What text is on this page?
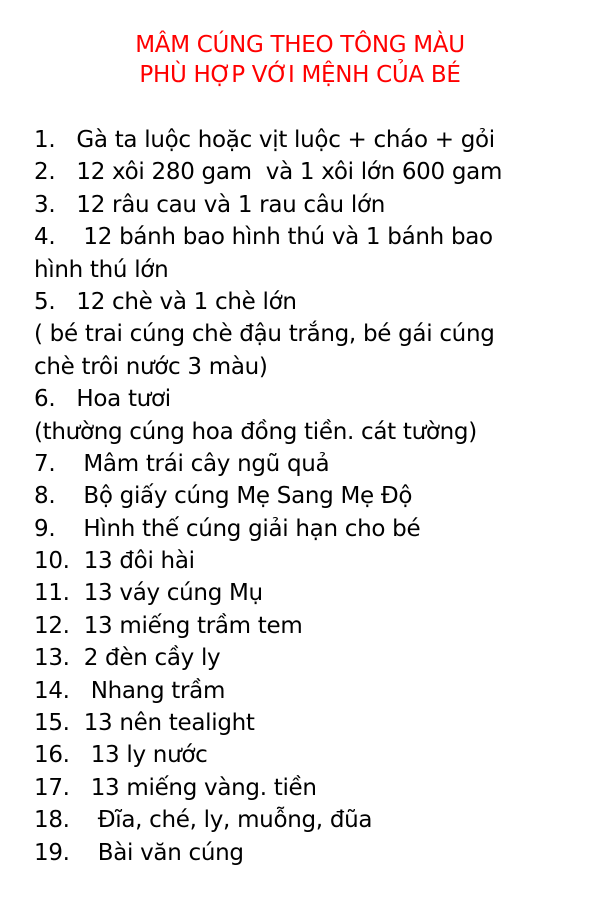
MÂM CÚNG THEO TÔNG MÀU
PHÙ HỢP VỚI MỆNH CỦA BÉ
1.   Gà ta luộc hoặc vịt luộc + cháo + gỏi
2.   12 xôi 280 gam  và 1 xôi lớn 600 gam
3.   12 râu cau và 1 rau câu lớn
4.    12 bánh bao hình thú và 1 bánh bao
hình thú lớn
5.   12 chè và 1 chè lớn
( bé trai cúng chè đậu trắng, bé gái cúng
chè trôi nước 3 màu)
6.   Hoa tươi
(thường cúng hoa đồng tiền. cát tường)
7.    Mâm trái cây ngũ quả
8.    Bộ giấy cúng Mẹ Sang Mẹ Độ
9.    Hình thế cúng giải hạn cho bé
10.  13 đôi hài
11.  13 váy cúng Mụ
12.  13 miếng trầm tem
13.  2 đèn cầy ly
14.   Nhang trầm
15.  13 nên tealight
16.   13 ly nước
17.   13 miếng vàng. tiền
18.    Đĩa, ché, ly, muỗng, đũa
19.    Bài văn cúng
